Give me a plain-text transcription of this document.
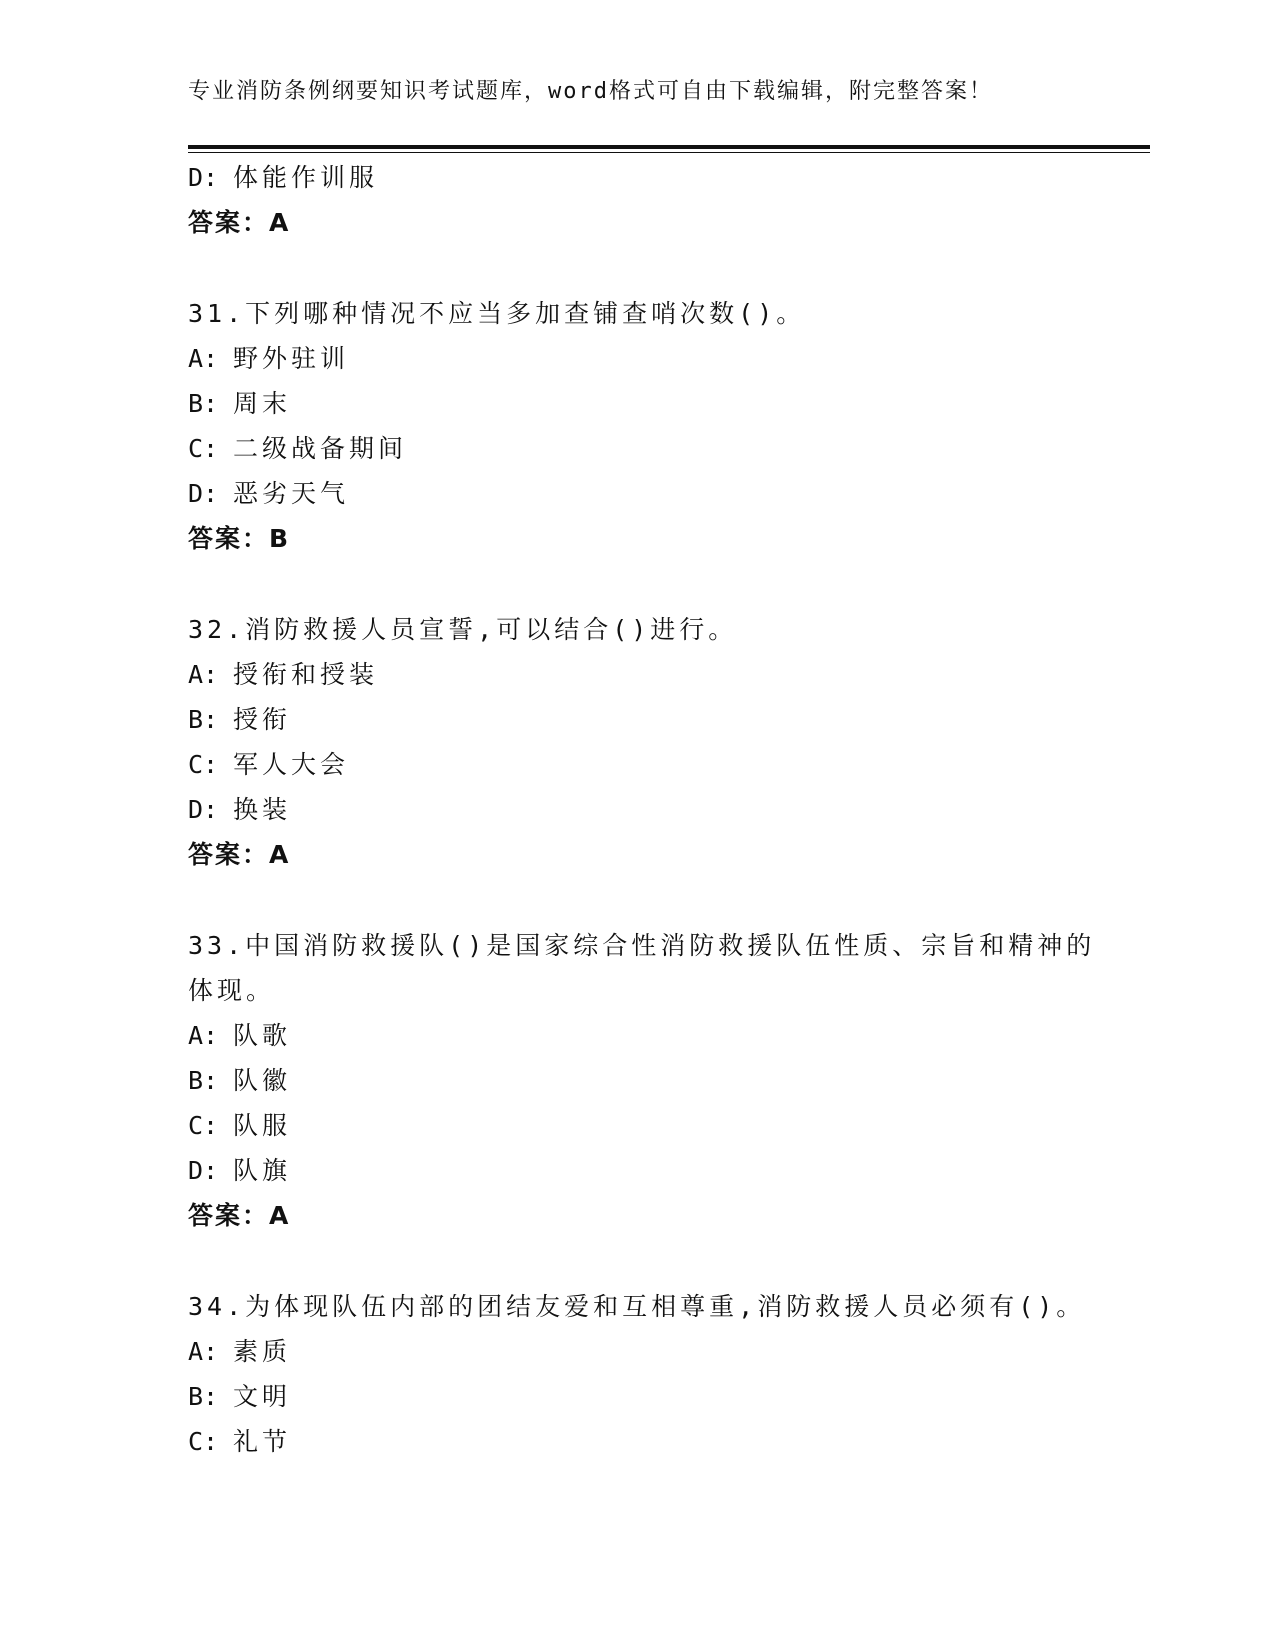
专业消防条例纲要知识考试题库，word格式可自由下载编辑，附完整答案！
D: 体能作训服
答案：A
31.下列哪种情况不应当多加查铺查哨次数()。
A: 野外驻训
B: 周末
C: 二级战备期间
D: 恶劣天气
答案：B
32.消防救援人员宣誓,可以结合()进行。
A: 授衔和授装
B: 授衔
C: 军人大会
D: 换装
答案：A
33.中国消防救援队()是国家综合性消防救援队伍性质、宗旨和精神的
体现。
A: 队歌
B: 队徽
C: 队服
D: 队旗
答案：A
34.为体现队伍内部的团结友爱和互相尊重,消防救援人员必须有()。
A: 素质
B: 文明
C: 礼节
